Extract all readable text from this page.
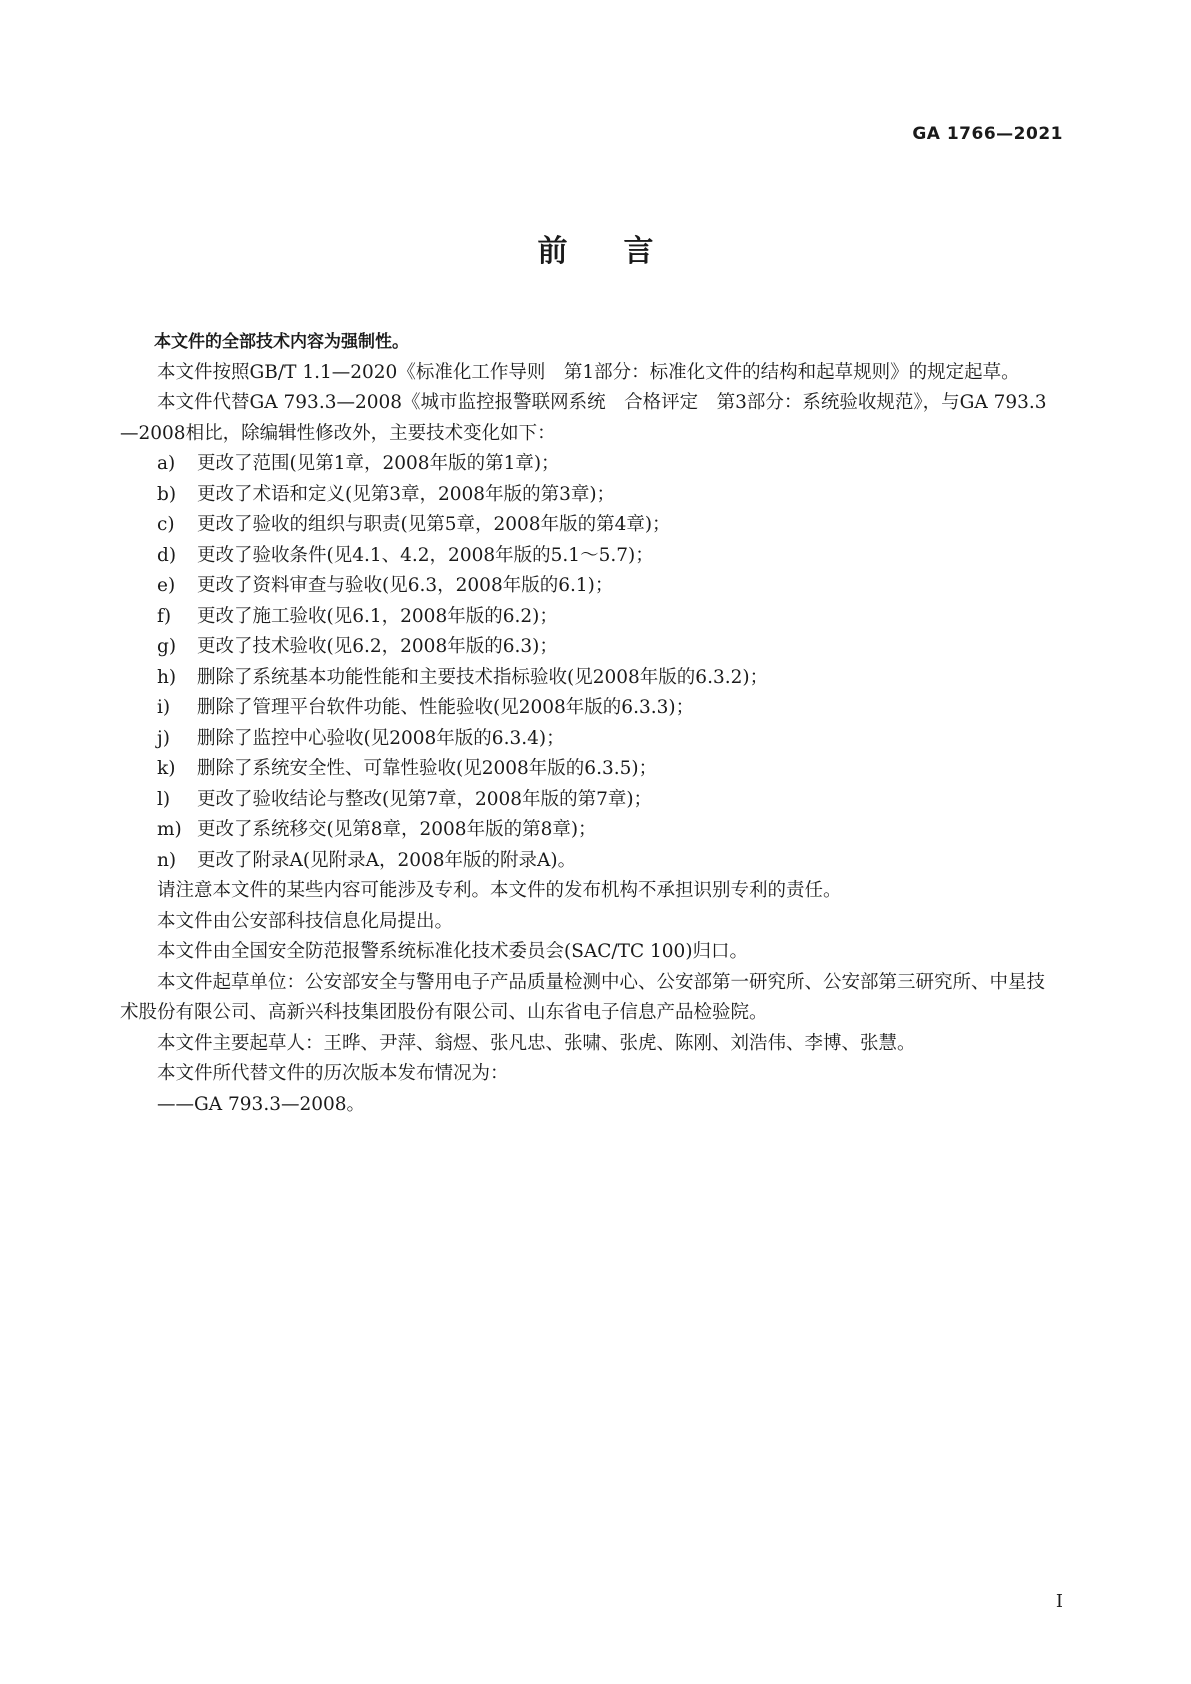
GA 1766—2021
前言

本文件的全部技术内容为强制性。

本文件按照GB/T 1.1—2020《标准化工作导则　第1部分：标准化文件的结构和起草规则》的规定起草。

本文件代替GA 793.3—2008《城市监控报警联网系统　合格评定　第3部分：系统验收规范》，与GA 793.3—2008相比，除编辑性修改外，主要技术变化如下：

a)	更改了范围(见第1章，2008年版的第1章)；
b)	更改了术语和定义(见第3章，2008年版的第3章)；
c)	更改了验收的组织与职责(见第5章，2008年版的第4章)；
d)	更改了验收条件(见4.1、4.2，2008年版的5.1～5.7)；
e)	更改了资料审查与验收(见6.3，2008年版的6.1)；
f)	更改了施工验收(见6.1，2008年版的6.2)；
g)	更改了技术验收(见6.2，2008年版的6.3)；
h)	删除了系统基本功能性能和主要技术指标验收(见2008年版的6.3.2)；
i)	删除了管理平台软件功能、性能验收(见2008年版的6.3.3)；
j)	删除了监控中心验收(见2008年版的6.3.4)；
k)	删除了系统安全性、可靠性验收(见2008年版的6.3.5)；
l)	更改了验收结论与整改(见第7章，2008年版的第7章)；
m) 更改了系统移交(见第8章，2008年版的第8章)；
n)	更改了附录A(见附录A，2008年版的附录A)。

请注意本文件的某些内容可能涉及专利。本文件的发布机构不承担识别专利的责任。

本文件由公安部科技信息化局提出。

本文件由全国安全防范报警系统标准化技术委员会(SAC/TC 100)归口。

本文件起草单位：公安部安全与警用电子产品质量检测中心、公安部第一研究所、公安部第三研究所、中星技术股份有限公司、高新兴科技集团股份有限公司、山东省电子信息产品检验院。

本文件主要起草人：王晔、尹萍、翁煜、张凡忠、张啸、张虎、陈刚、刘浩伟、李博、张慧。

本文件所代替文件的历次版本发布情况为：

——GA 793.3—2008。
I
